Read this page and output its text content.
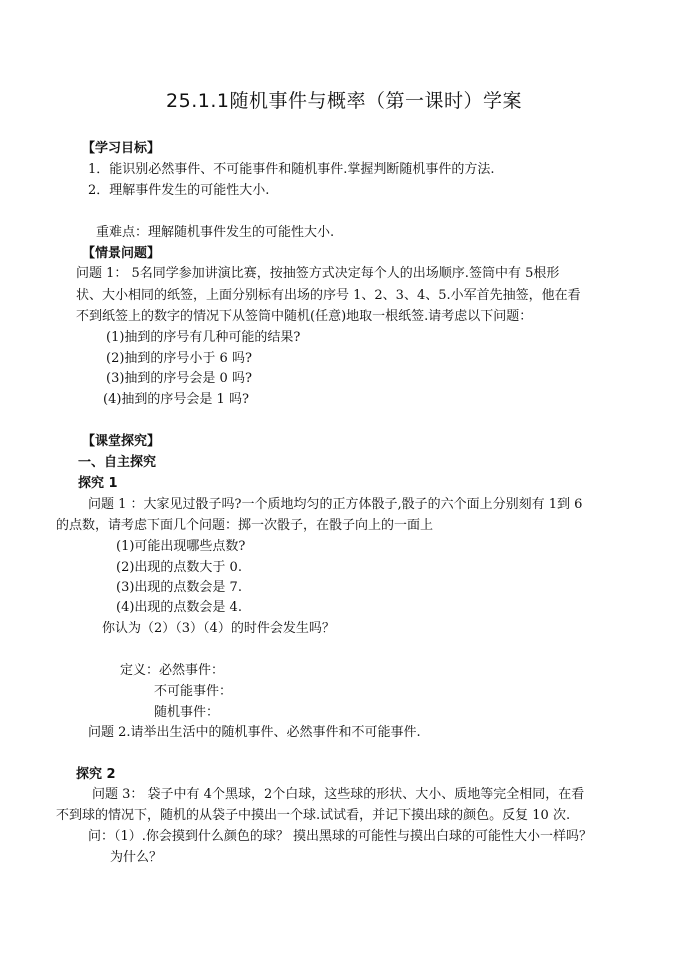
25.1.1随机事件与概率（第一课时）学案
【学习目标】
1．能识别必然事件、不可能事件和随机事件.掌握判断随机事件的方法.
2．理解事件发生的可能性大小.
重难点：理解随机事件发生的可能性大小.
【情景问题】
问题 1： 5名同学参加讲演比赛，按抽签方式决定每个人的出场顺序.签筒中有 5根形
状、大小相同的纸签，上面分别标有出场的序号 1、2、3、4、5.小军首先抽签，他在看
不到纸签上的数字的情况下从签筒中随机(任意)地取一根纸签.请考虑以下问题：
(1)抽到的序号有几种可能的结果?
(2)抽到的序号小于 6 吗?
(3)抽到的序号会是 0 吗?
(4)抽到的序号会是 1 吗?
【课堂探究】
一、自主探究
探究 1
问题 1 ：大家见过骰子吗?一个质地均匀的正方体骰子,骰子的六个面上分别刻有 1到 6
的点数，请考虑下面几个问题：掷一次骰子，在骰子向上的一面上
(1)可能出现哪些点数?
(2)出现的点数大于 0.
(3)出现的点数会是 7.
(4)出现的点数会是 4.
你认为（2）（3）（4）的时件会发生吗？
定义：必然事件：
不可能事件：
随机事件：
问题 2.请举出生活中的随机事件、必然事件和不可能事件.
探究 2
问题 3： 袋子中有 4个黑球，2个白球，这些球的形状、大小、质地等完全相同，在看
不到球的情况下，随机的从袋子中摸出一个球.试试看，并记下摸出球的颜色。反复 10 次.
问：（1）.你会摸到什么颜色的球？ 摸出黑球的可能性与摸出白球的可能性大小一样吗？
为什么？
